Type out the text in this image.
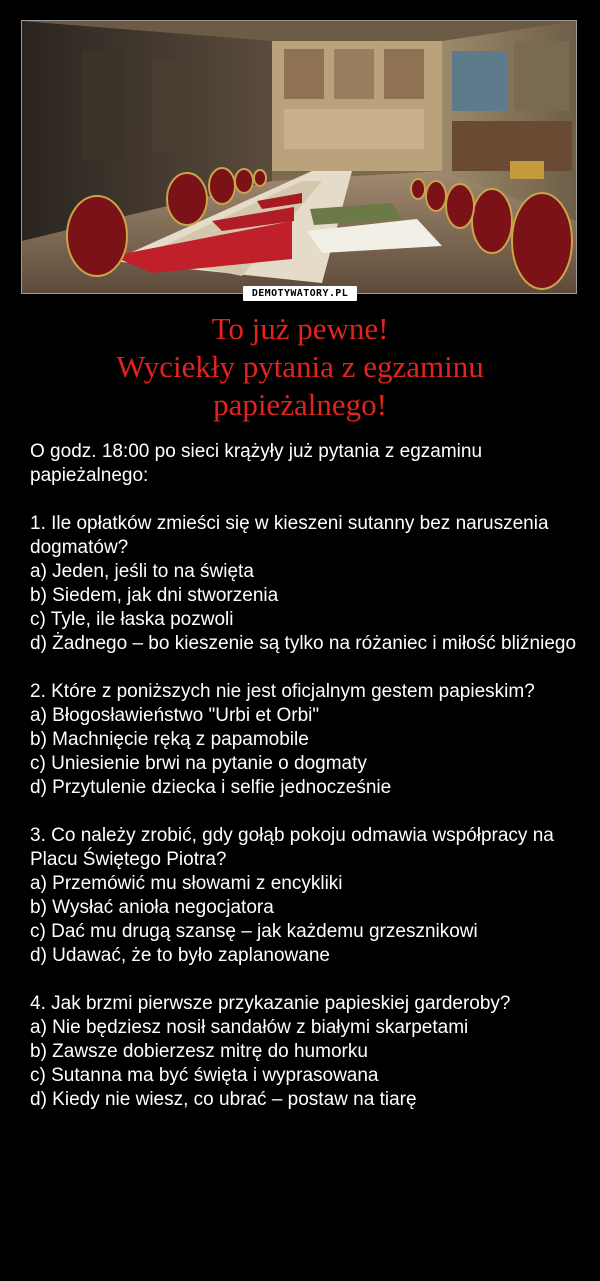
DEMOTYWATORY.PL
To już pewne!
Wyciekły pytania z egzaminu
papieżalnego!

O godz. 18:00 po sieci krążyły już pytania z egzaminu papieżalnego:

1. Ile opłatków zmieści się w kieszeni sutanny bez naruszenia dogmatów?

a) Jeden, jeśli to na święta

b) Siedem, jak dni stworzenia

c) Tyle, ile łaska pozwoli

d) Żadnego – bo kieszenie są tylko na różaniec i miłość bliźniego

2. Które z poniższych nie jest oficjalnym gestem papieskim?

a) Błogosławieństwo "Urbi et Orbi"

b) Machnięcie ręką z papamobile

c) Uniesienie brwi na pytanie o dogmaty

d) Przytulenie dziecka i selfie jednocześnie

3. Co należy zrobić, gdy gołąb pokoju odmawia współpracy na Placu Świętego Piotra?

a) Przemówić mu słowami z encykliki

b) Wysłać anioła negocjatora

c) Dać mu drugą szansę – jak każdemu grzesznikowi

d) Udawać, że to było zaplanowane

4. Jak brzmi pierwsze przykazanie papieskiej garderoby?

a) Nie będziesz nosił sandałów z białymi skarpetami

b) Zawsze dobierzesz mitrę do humorku

c) Sutanna ma być święta i wyprasowana

d) Kiedy nie wiesz, co ubrać – postaw na tiarę
